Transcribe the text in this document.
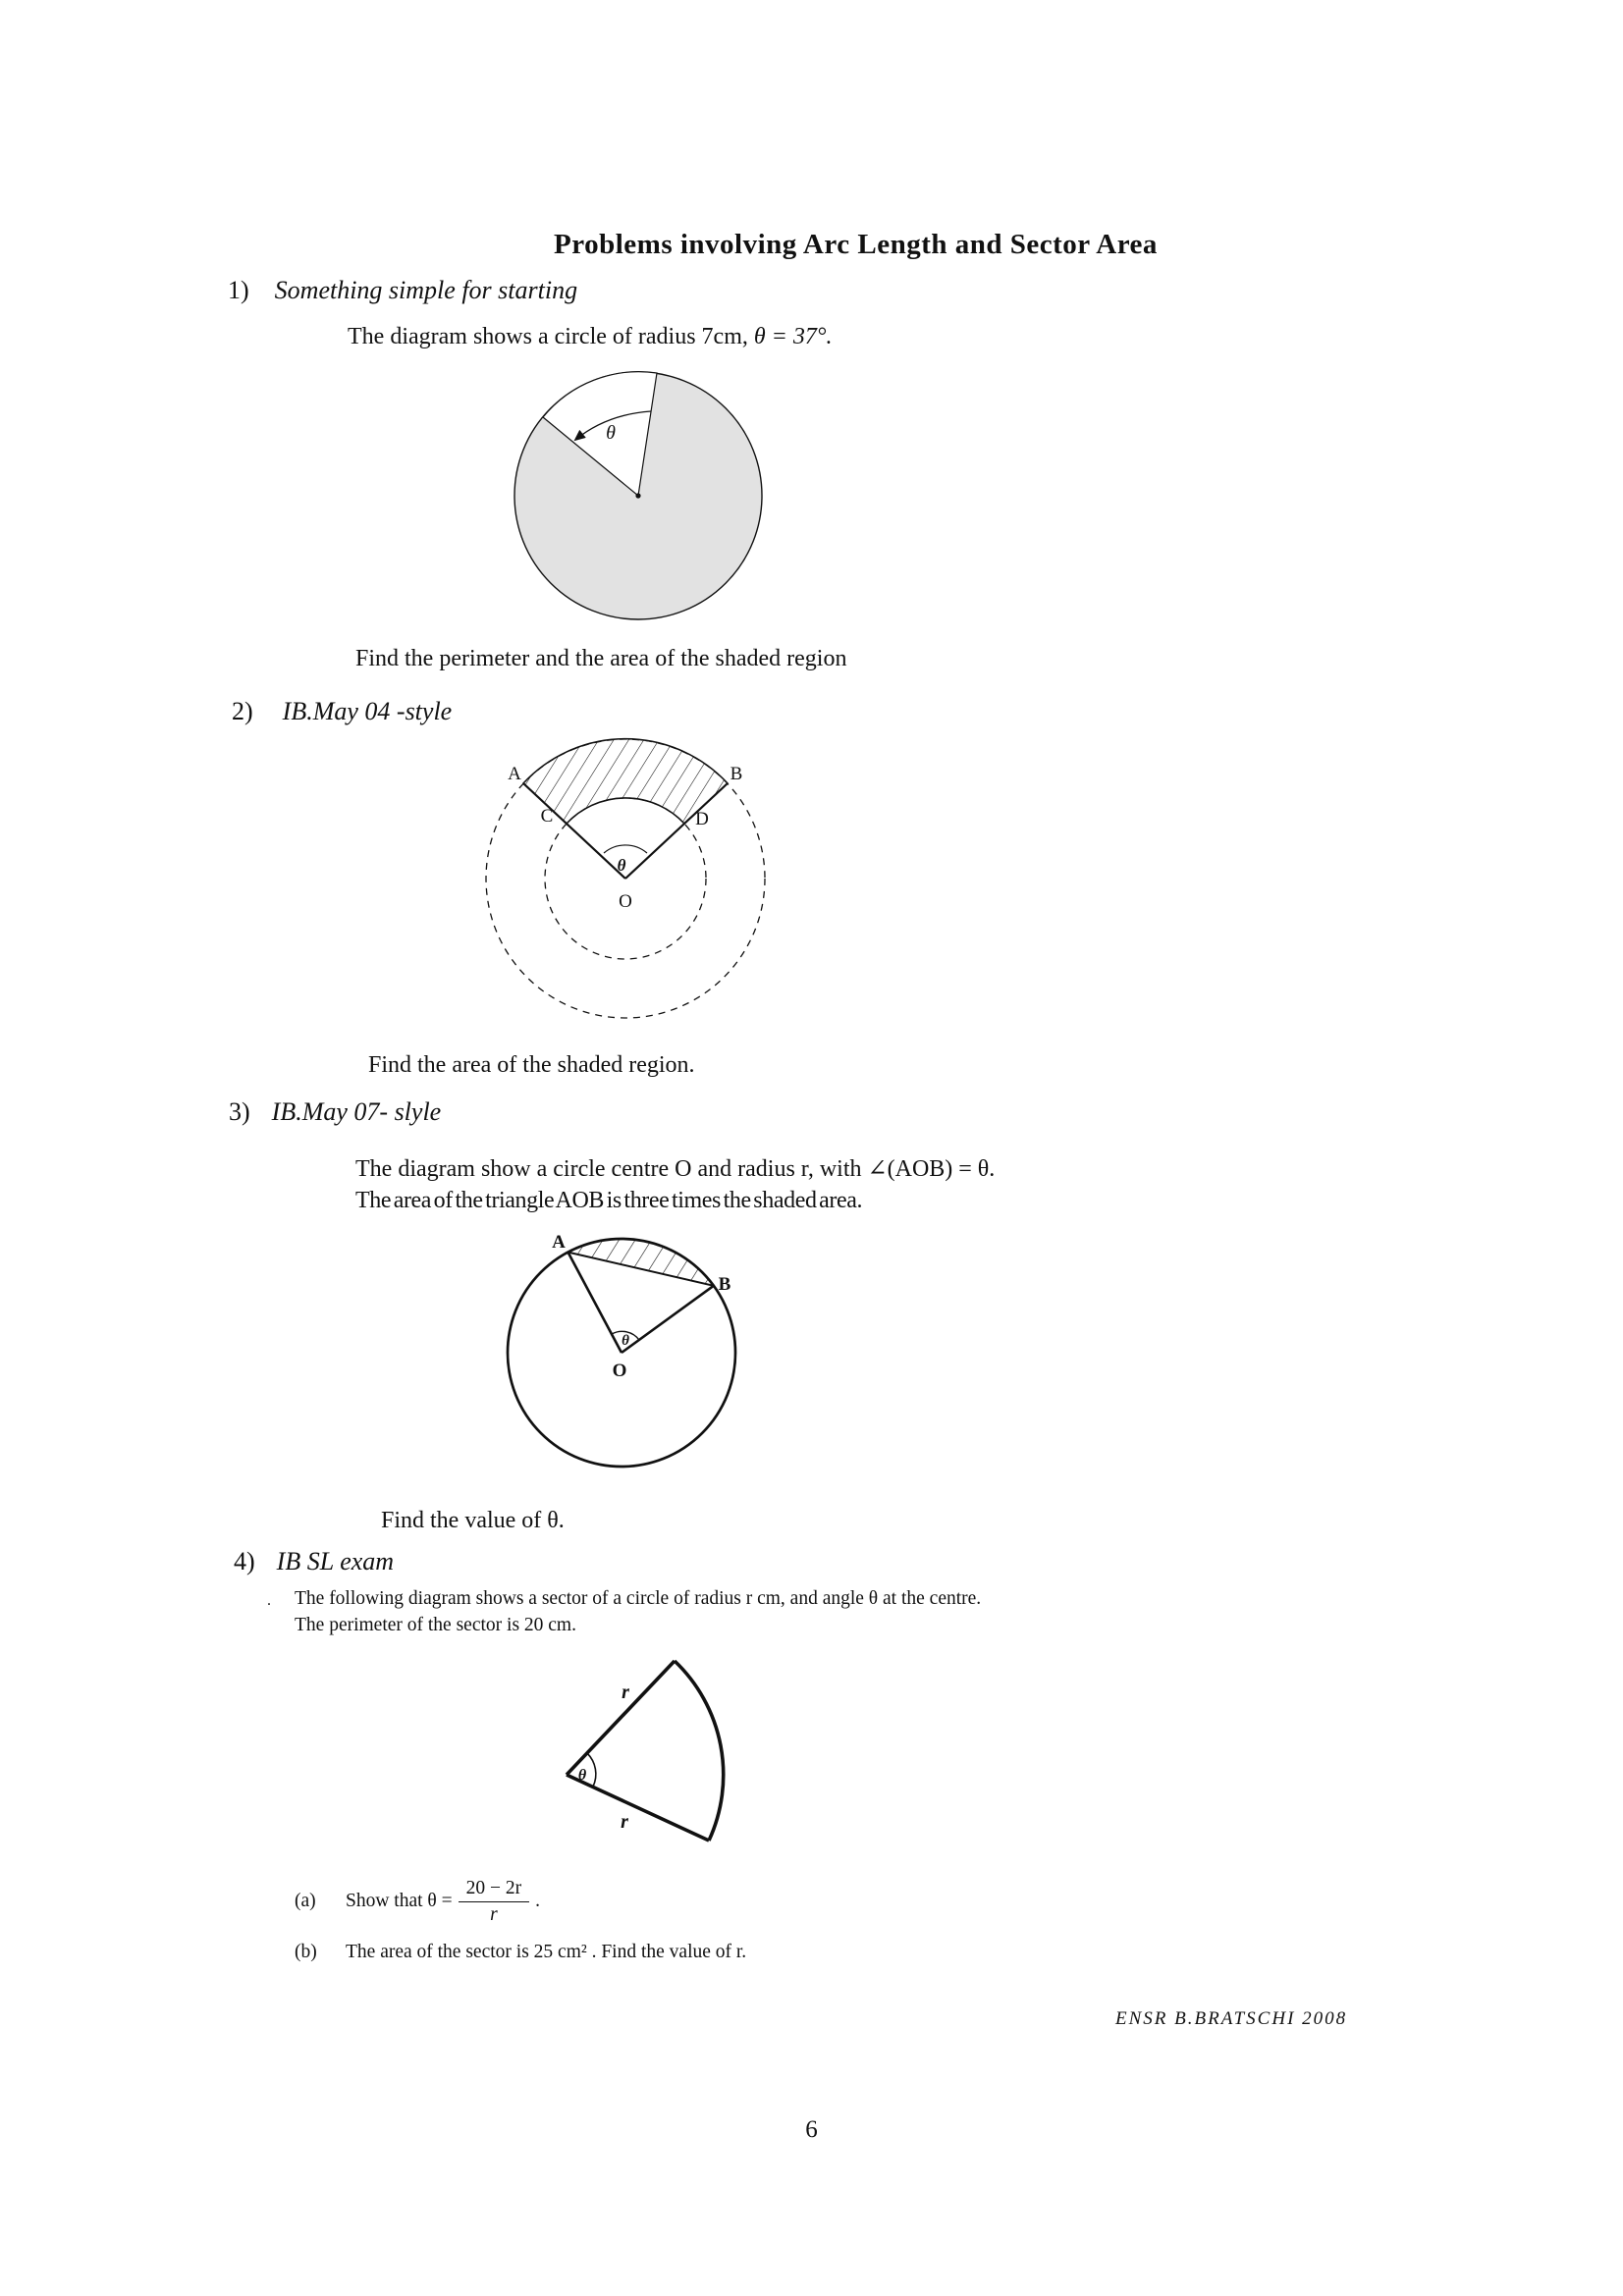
Problems involving Arc Length and Sector Area
1) Something simple for starting
The diagram shows a circle of radius 7cm, θ = 37°.
θ
Find the perimeter and the area of the shaded region
2) IB.May 04 -style
A	B
C	D
O
θ
Find the area of the shaded region.
3) IB.May 07- slyle
The diagram show a circle centre O and radius r, with ∠(AOB) = θ.
The area of the triangle AOB is three times the shaded area.
A
B
O
θ
Find the value of θ.
4) IB SL exam
. The following diagram shows a sector of a circle of radius r cm, and angle θ at the centre.
The perimeter of the sector is 20 cm.
r
r
θ
(a)	Show that $\theta = \frac{20 - 2r}{r}$ .
(b)	The area of the sector is 25 cm² . Find the value of r.
ENSR B.BRATSCHI 2008
6
